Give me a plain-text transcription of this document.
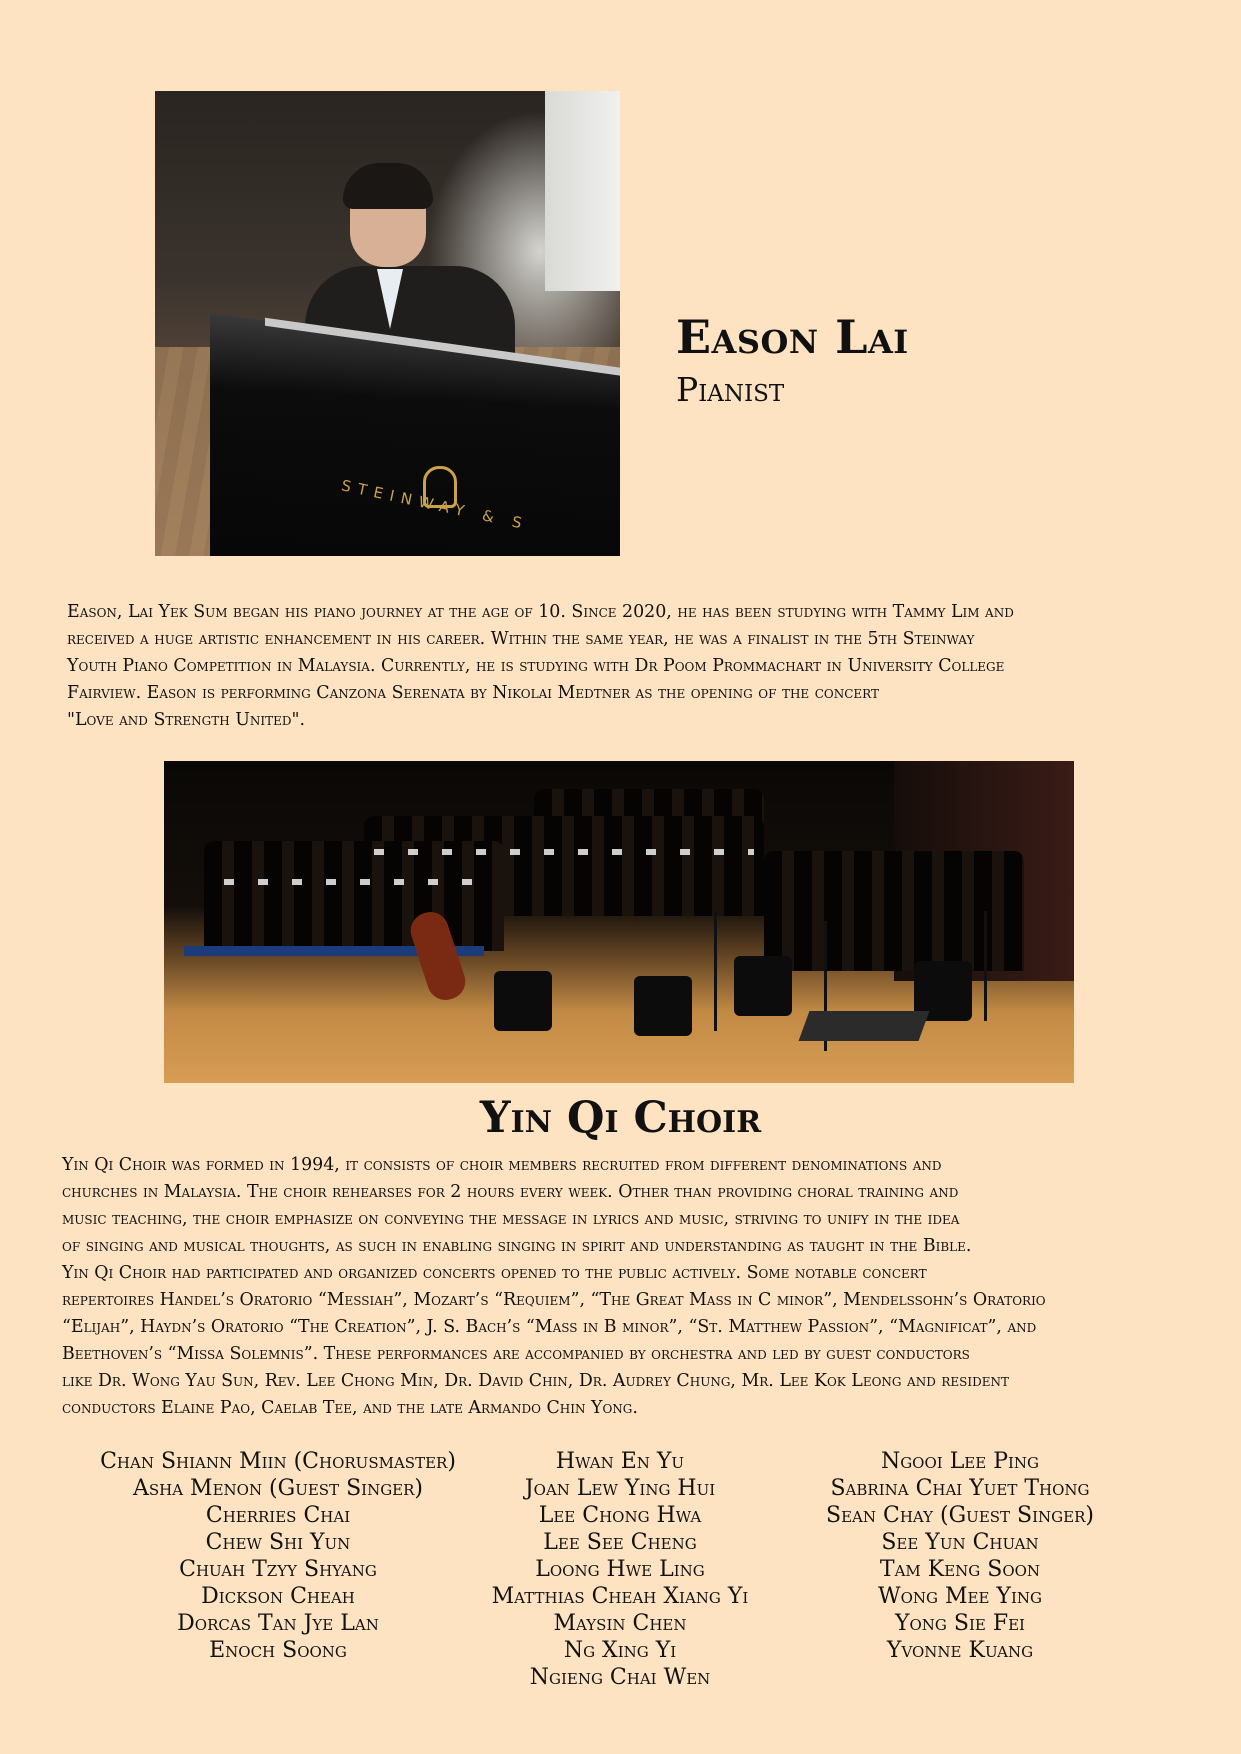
STEINWAY & S
Eason Lai
Pianist

Eason, Lai Yek Sum began his piano journey at the age of 10. Since 2020, he has been studying with Tammy Lim and

received a huge artistic enhancement in his career. Within the same year, he was a finalist in the 5th Steinway

Youth Piano Competition in Malaysia. Currently, he is studying with Dr Poom Prommachart in University College

Fairview. Eason is performing Canzona Serenata by Nikolai Medtner as the opening of the concert

"Love and Strength United".

Yin Qi Choir

Yin Qi Choir was formed in 1994, it consists of choir members recruited from different denominations and

churches in Malaysia. The choir rehearses for 2 hours every week. Other than providing choral training and

music teaching, the choir emphasize on conveying the message in lyrics and music, striving to unify in the idea

of singing and musical thoughts, as such in enabling singing in spirit and understanding as taught in the Bible.

Yin Qi Choir had participated and organized concerts opened to the public actively. Some notable concert

repertoires Handel’s Oratorio “Messiah”, Mozart’s “Requiem”, “The Great Mass in C minor”, Mendelssohn’s Oratorio

“Elijah”, Haydn’s Oratorio “The Creation”, J. S. Bach’s “Mass in B minor”, “St. Matthew Passion”, “Magnificat”, and

Beethoven’s “Missa Solemnis”. These performances are accompanied by orchestra and led by guest conductors

like Dr. Wong Yau Sun, Rev. Lee Chong Min, Dr. David Chin, Dr. Audrey Chung, Mr. Lee Kok Leong and resident

conductors Elaine Pao, Caelab Tee, and the late Armando Chin Yong.

Chan Shiann Miin (Chorusmaster)
Asha Menon (Guest Singer)
Cherries Chai
Chew Shi Yun
Chuah Tzyy Shyang
Dickson Cheah
Dorcas Tan Jye Lan
Enoch Soong
Hwan En Yu
Joan Lew Ying Hui
Lee Chong Hwa
Lee See Cheng
Loong Hwe Ling
Matthias Cheah Xiang Yi
Maysin Chen
Ng Xing Yi
Ngieng Chai Wen
Ngooi Lee Ping
Sabrina Chai Yuet Thong
Sean Chay (Guest Singer)
See Yun Chuan
Tam Keng Soon
Wong Mee Ying
Yong Sie Fei
Yvonne Kuang
